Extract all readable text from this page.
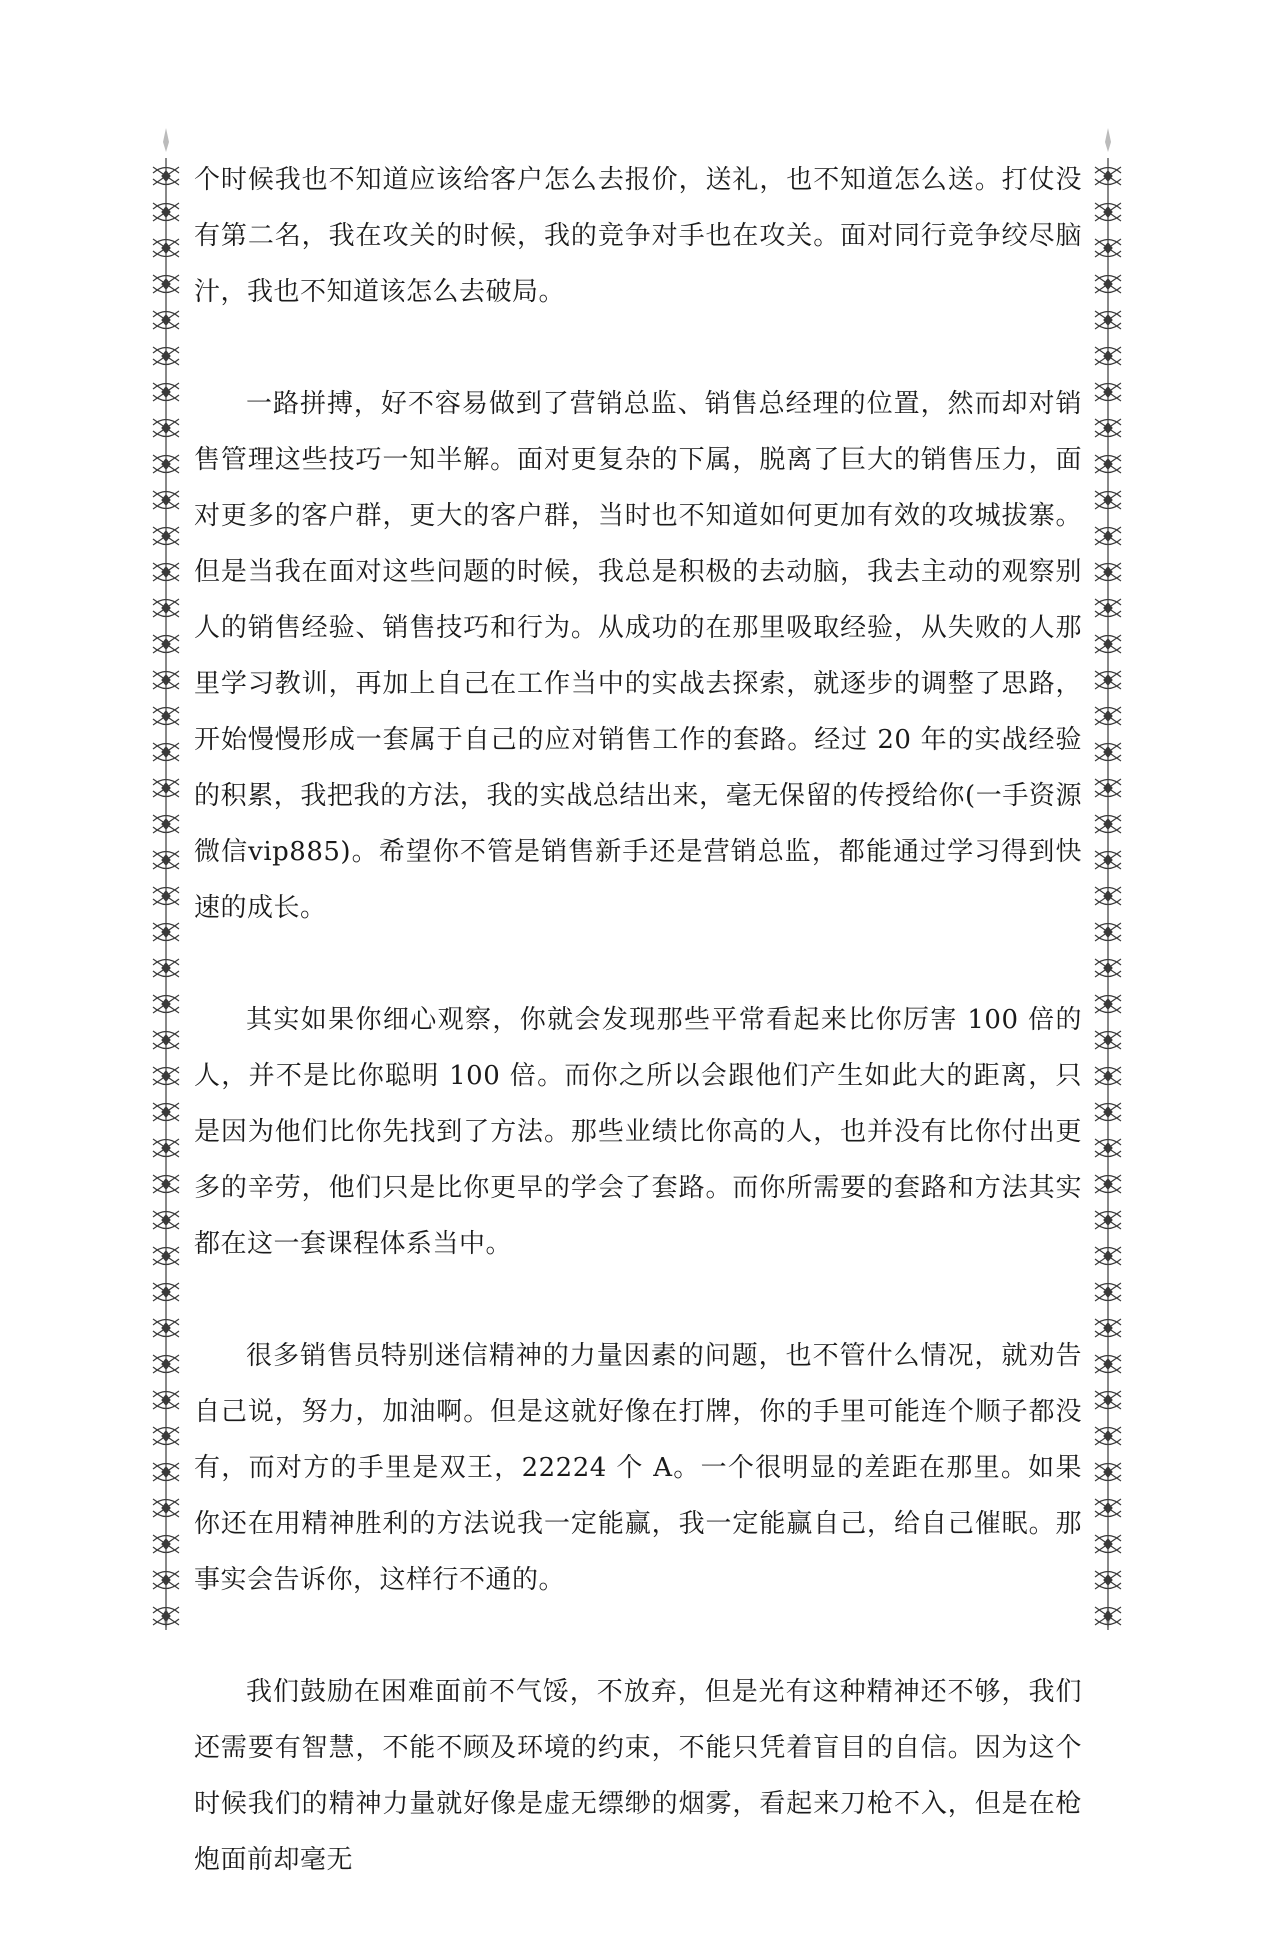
个时候我也不知道应该给客户怎么去报价，送礼，也不知道怎么送。打仗没有第二名，我在攻关的时候，我的竞争对手也在攻关。面对同行竞争绞尽脑汁，我也不知道该怎么去破局。

一路拼搏，好不容易做到了营销总监、销售总经理的位置，然而却对销售管理这些技巧一知半解。面对更复杂的下属，脱离了巨大的销售压力，面对更多的客户群，更大的客户群，当时也不知道如何更加有效的攻城拔寨。但是当我在面对这些问题的时候，我总是积极的去动脑，我去主动的观察别人的销售经验、销售技巧和行为。从成功的在那里吸取经验，从失败的人那里学习教训，再加上自己在工作当中的实战去探索，就逐步的调整了思路，开始慢慢形成一套属于自己的应对销售工作的套路。经过 20 年的实战经验的积累，我把我的方法，我的实战总结出来，毫无保留的传授给你(一手资源微信vip885)。希望你不管是销售新手还是营销总监，都能通过学习得到快速的成长。

其实如果你细心观察，你就会发现那些平常看起来比你厉害 100 倍的人，并不是比你聪明 100 倍。而你之所以会跟他们产生如此大的距离，只是因为他们比你先找到了方法。那些业绩比你高的人，也并没有比你付出更多的辛劳，他们只是比你更早的学会了套路。而你所需要的套路和方法其实都在这一套课程体系当中。

很多销售员特别迷信精神的力量因素的问题，也不管什么情况，就劝告自己说，努力，加油啊。但是这就好像在打牌，你的手里可能连个顺子都没有，而对方的手里是双王，22224 个 A。一个很明显的差距在那里。如果你还在用精神胜利的方法说我一定能赢，我一定能赢自己，给自己催眠。那事实会告诉你，这样行不通的。

我们鼓励在困难面前不气馁，不放弃，但是光有这种精神还不够，我们还需要有智慧，不能不顾及环境的约束，不能只凭着盲目的自信。因为这个时候我们的精神力量就好像是虚无缥缈的烟雾，看起来刀枪不入，但是在枪炮面前却毫无
